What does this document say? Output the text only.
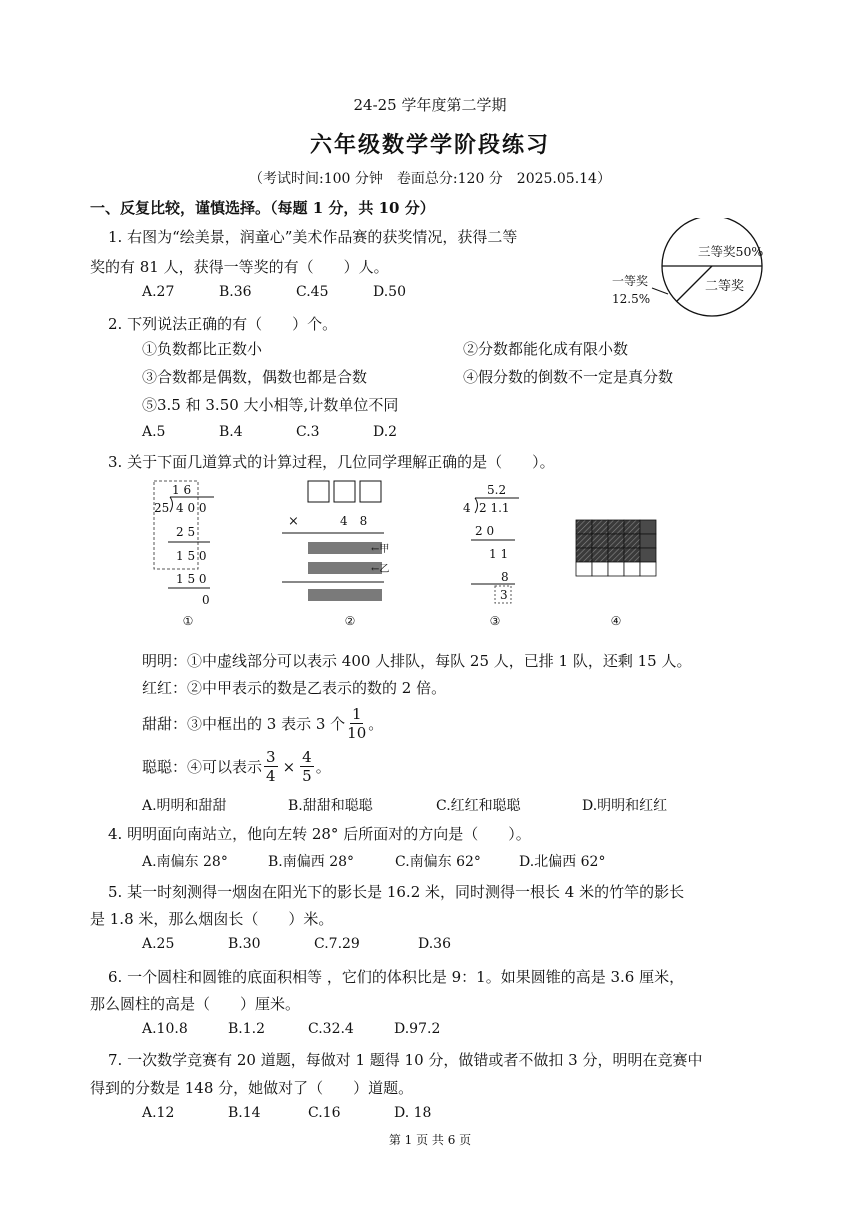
24-25 学年度第二学期
六年级数学学阶段练习
（考试时间:100 分钟　卷面总分:120 分　2025.05.14）
一、反复比较，谨慎选择。（每题 1 分，共 10 分）
1. 右图为“绘美景，润童心”美术作品赛的获奖情况，获得二等
奖的有 81 人，获得一等奖的有（　　）人。
A.27	B.36	C.45	D.50
三等奖50%
二等奖
一等奖
12.5%
2. 下列说法正确的有（　　）个。
①负数都比正数小	②分数都能化成有限小数
③合数都是偶数，偶数也都是合数	④假分数的倒数不一定是真分数
⑤3.5 和 3.50 大小相等,计数单位不同
A.5	B.4	C.3	D.2
3. 关于下面几道算式的计算过程，几位同学理解正确的是（　　）。
1 6
25 4 0 0
2 5
1 5 0
1 5 0
0
①
×	4　8
←甲
←乙
②
5.2
4 2 1.1
2 0
1 1
8
3
③	④
明明：①中虚线部分可以表示 400 人排队，每队 25 人，已排 1 队，还剩 15 人。
红红：②中甲表示的数是乙表示的数的 2 倍。
甜甜：③中框出的 3 表示 3 个 $\frac{1}{10}$ 。
聪聪：④可以表示 $\frac{3}{4} \times \frac{4}{5}$ 。
A.明明和甜甜	B.甜甜和聪聪	C.红红和聪聪	D.明明和红红
4. 明明面向南站立，他向左转 28° 后所面对的方向是（　　）。
A.南偏东 28°	B.南偏西 28°	C.南偏东 62°	D.北偏西 62°
5. 某一时刻测得一烟囱在阳光下的影长是 16.2 米，同时测得一根长 4 米的竹竿的影长
是 1.8 米，那么烟囱长（　　）米。
A.25	B.30	C.7.29	D.36
6. 一个圆柱和圆锥的底面积相等 ，它们的体积比是 9：1。如果圆锥的高是 3.6 厘米，
那么圆柱的高是（　　）厘米。
A.10.8	B.1.2	C.32.4	D.97.2
7. 一次数学竞赛有 20 道题，每做对 1 题得 10 分，做错或者不做扣 3 分，明明在竞赛中
得到的分数是 148 分，她做对了（　　）道题。
A.12	B.14	C.16	D. 18
第 1 页 共 6 页
